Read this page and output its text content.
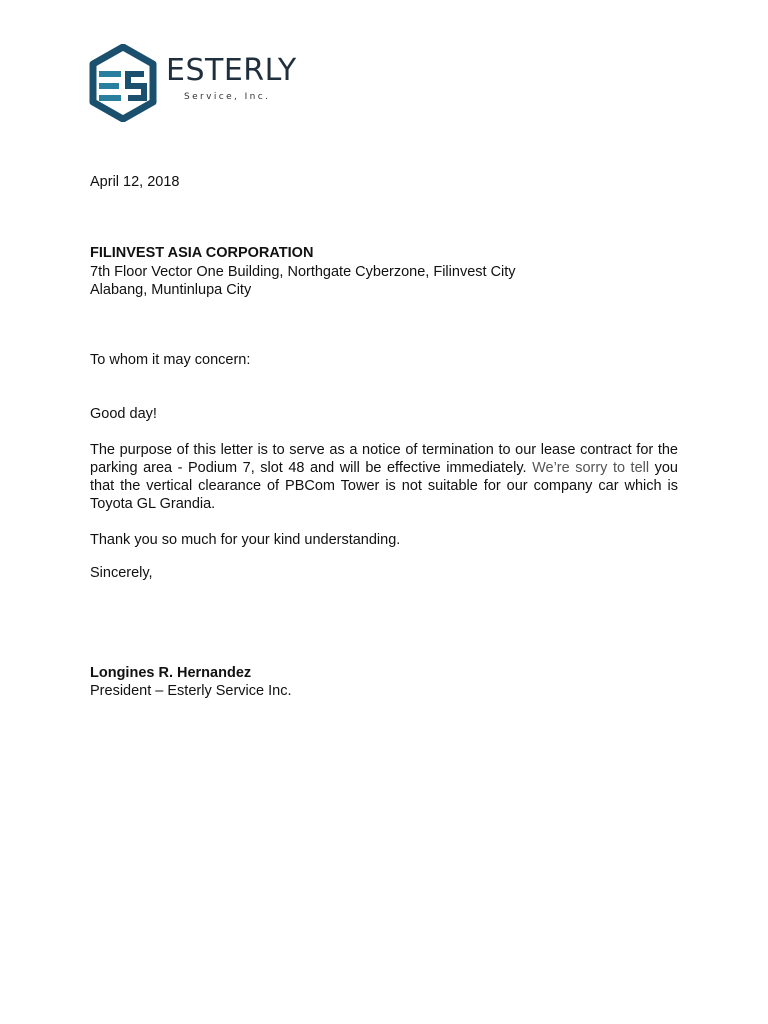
ESTERLY
Service, Inc.

April 12, 2018

FILINVEST ASIA CORPORATION

7th Floor Vector One Building, Northgate Cyberzone, Filinvest City

Alabang, Muntinlupa City

To whom it may concern:

Good day!

The purpose of this letter is to serve as a notice of termination to our lease contract for the parking area - Podium 7, slot 48 and will be effective immediately. We’re sorry to tell you that the vertical clearance of PBCom Tower is not suitable for our company car which is Toyota GL Grandia.

Thank you so much for your kind understanding.

Sincerely,

Longines R. Hernandez

President – Esterly Service Inc.
